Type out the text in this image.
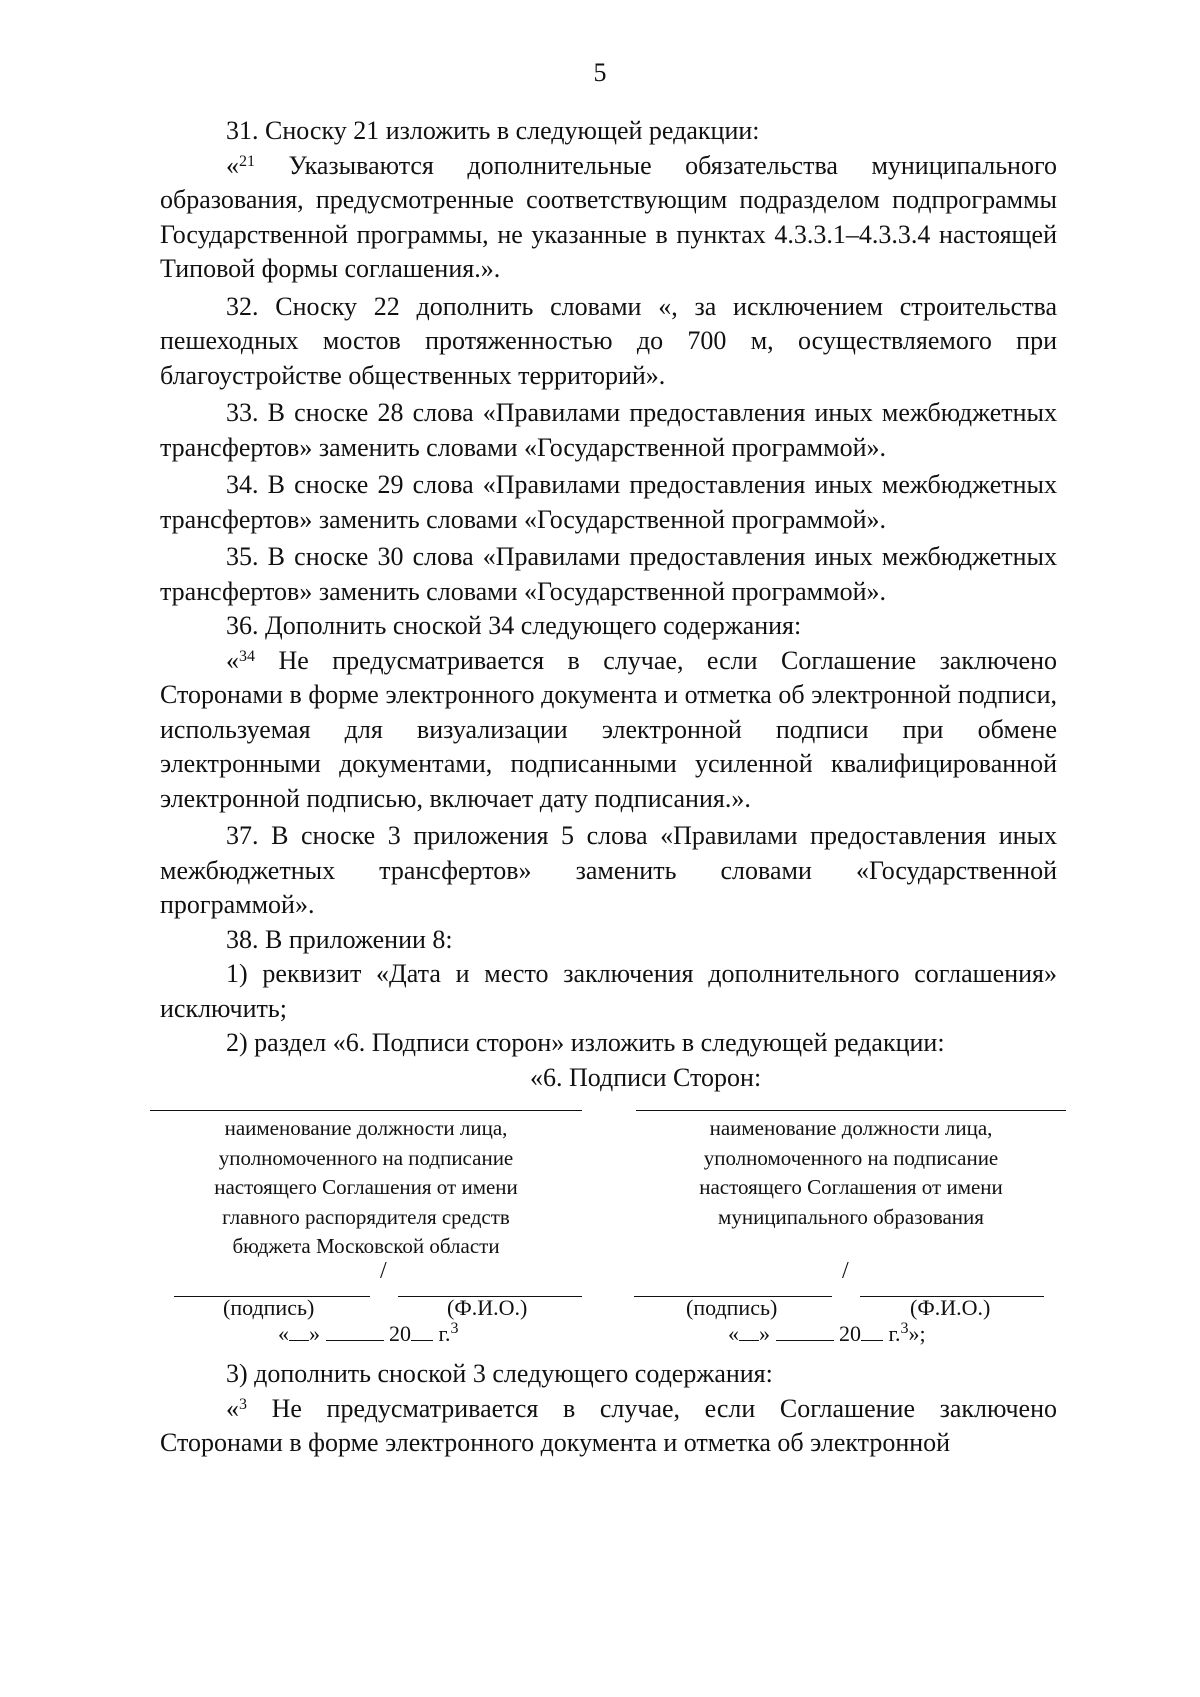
5

31. Сноску 21 изложить в следующей редакции:

«$^{21}$ Указываются дополнительные обязательства муниципального образования, предусмотренные соответствующим подразделом подпрограммы Государственной программы, не указанные в пунктах 4.3.3.1–4.3.3.4 настоящей Типовой формы соглашения.».

32. Сноску 22 дополнить словами «, за исключением строительства пешеходных мостов протяженностью до 700 м, осуществляемого при благоустройстве общественных территорий».

33. В сноске 28 слова «Правилами предоставления иных межбюджетных трансфертов» заменить словами «Государственной программой».

34. В сноске 29 слова «Правилами предоставления иных межбюджетных трансфертов» заменить словами «Государственной программой».

35. В сноске 30 слова «Правилами предоставления иных межбюджетных трансфертов» заменить словами «Государственной программой».

36. Дополнить сноской 34 следующего содержания:

«$^{34}$ Не предусматривается в случае, если Соглашение заключено Сторонами в форме электронного документа и отметка об электронной подписи, используемая для визуализации электронной подписи при обмене электронными документами, подписанными усиленной квалифицированной электронной подписью, включает дату подписания.».

37. В сноске 3 приложения 5 слова «Правилами предоставления иных межбюджетных трансфертов» заменить словами «Государственной программой».

38. В приложении 8:

1) реквизит «Дата и место заключения дополнительного соглашения» исключить;

2) раздел «6. Подписи сторон» изложить в следующей редакции:

«6. Подписи Сторон:

наименование должности лица,
уполномоченного на подписание
настоящего Соглашения от имени
главного распорядителя средств
бюджета Московской области
/
(подпись)	(Ф.И.О.)
« »	20 г.$^3$
наименование должности лица,
уполномоченного на подписание
настоящего Соглашения от имени
муниципального образования
/
(подпись)	(Ф.И.О.)
« »	20 г.$^3$»;

3) дополнить сноской 3 следующего содержания:

«$^3$ Не предусматривается в случае, если Соглашение заключено Сторонами в форме электронного документа и отметка об электронной
